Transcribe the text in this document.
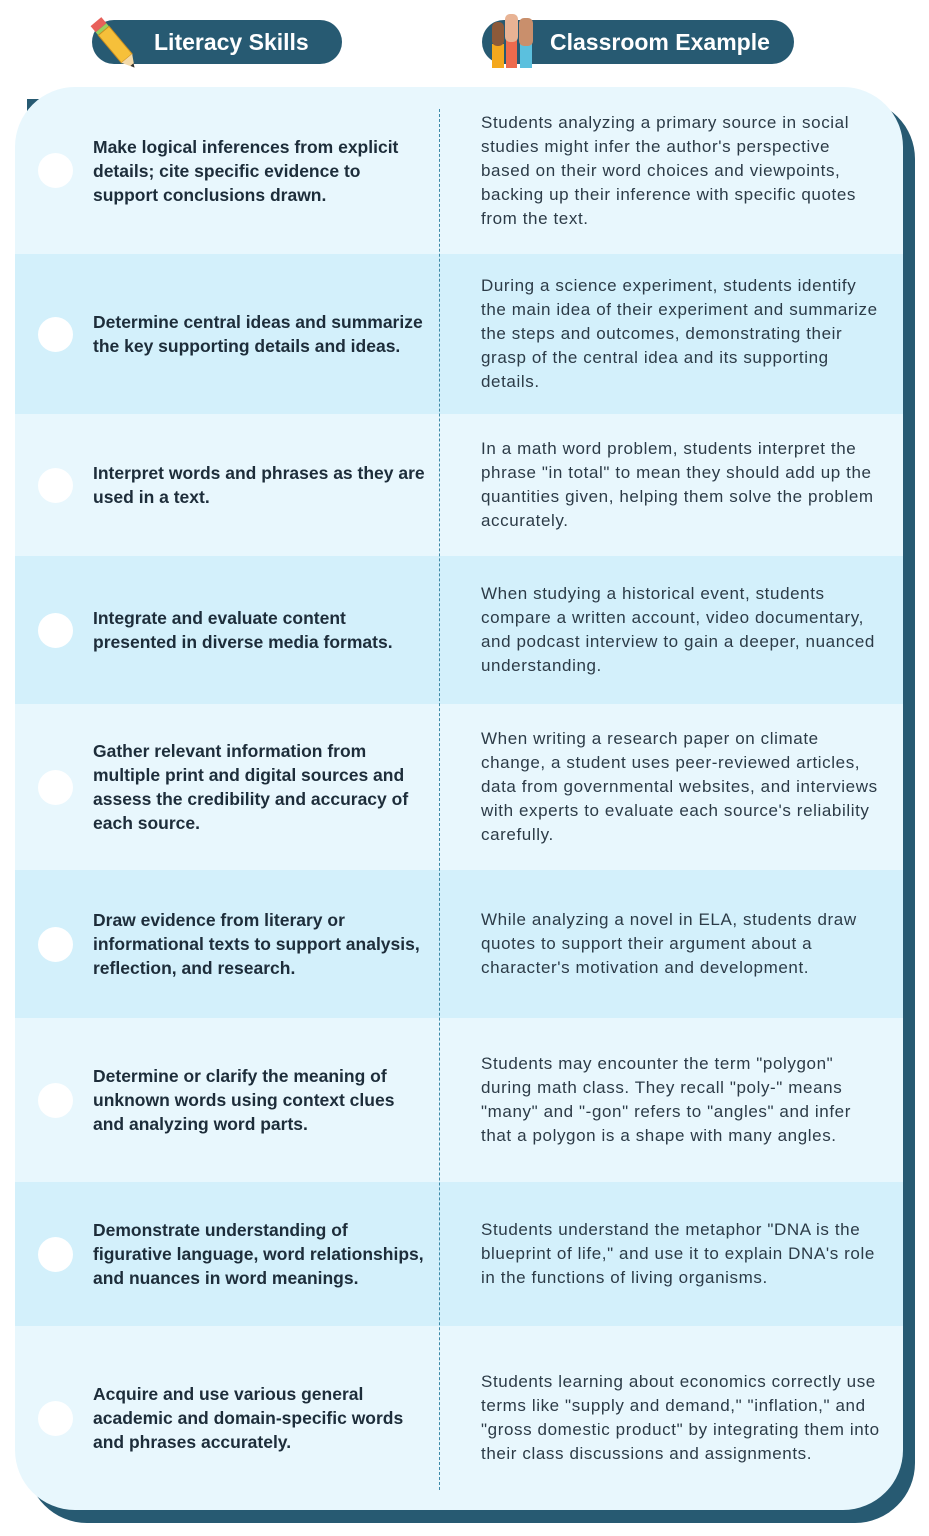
Literacy Skills	Classroom Example
Acquire and use various general academic and domain-specific words and phrases accurately.
Students learning about economics correctly use terms like "supply and demand," "inflation," and "gross domestic product" by integrating them into their class discussions and assignments.
Demonstrate understanding of figurative language, word relationships, and nuances in word meanings.
Students understand the metaphor "DNA is the blueprint of life," and use it to explain DNA's role in the functions of living organisms.
Determine or clarify the meaning of unknown words using context clues and analyzing word parts.
Students may encounter the term "polygon" during math class. They recall "poly-" means "many" and "-gon" refers to "angles" and infer that a polygon is a shape with many angles.
Draw evidence from literary or informational texts to support analysis, reflection, and research.
While analyzing a novel in ELA, students draw quotes to support their argument about a character's motivation and development.
Gather relevant information from multiple print and digital sources and assess the credibility and accuracy of each source.
When writing a research paper on climate change, a student uses peer-reviewed articles, data from governmental websites, and interviews with experts to evaluate each source's reliability carefully.
Integrate and evaluate content presented in diverse media formats.
When studying a historical event, students compare a written account, video documentary, and podcast interview to gain a deeper, nuanced understanding.
Interpret words and phrases as they are used in a text.
In a math word problem, students interpret the phrase "in total" to mean they should add up the quantities given, helping them solve the problem accurately.
Determine central ideas and summarize the key supporting details and ideas.
During a science experiment, students identify the main idea of their experiment and summarize the steps and outcomes, demonstrating their grasp of the central idea and its supporting details.
Make logical inferences from explicit details; cite specific evidence to support conclusions drawn.
Students analyzing a primary source in social studies might infer the author's perspective based on their word choices and viewpoints, backing up their inference with specific quotes from the text.
